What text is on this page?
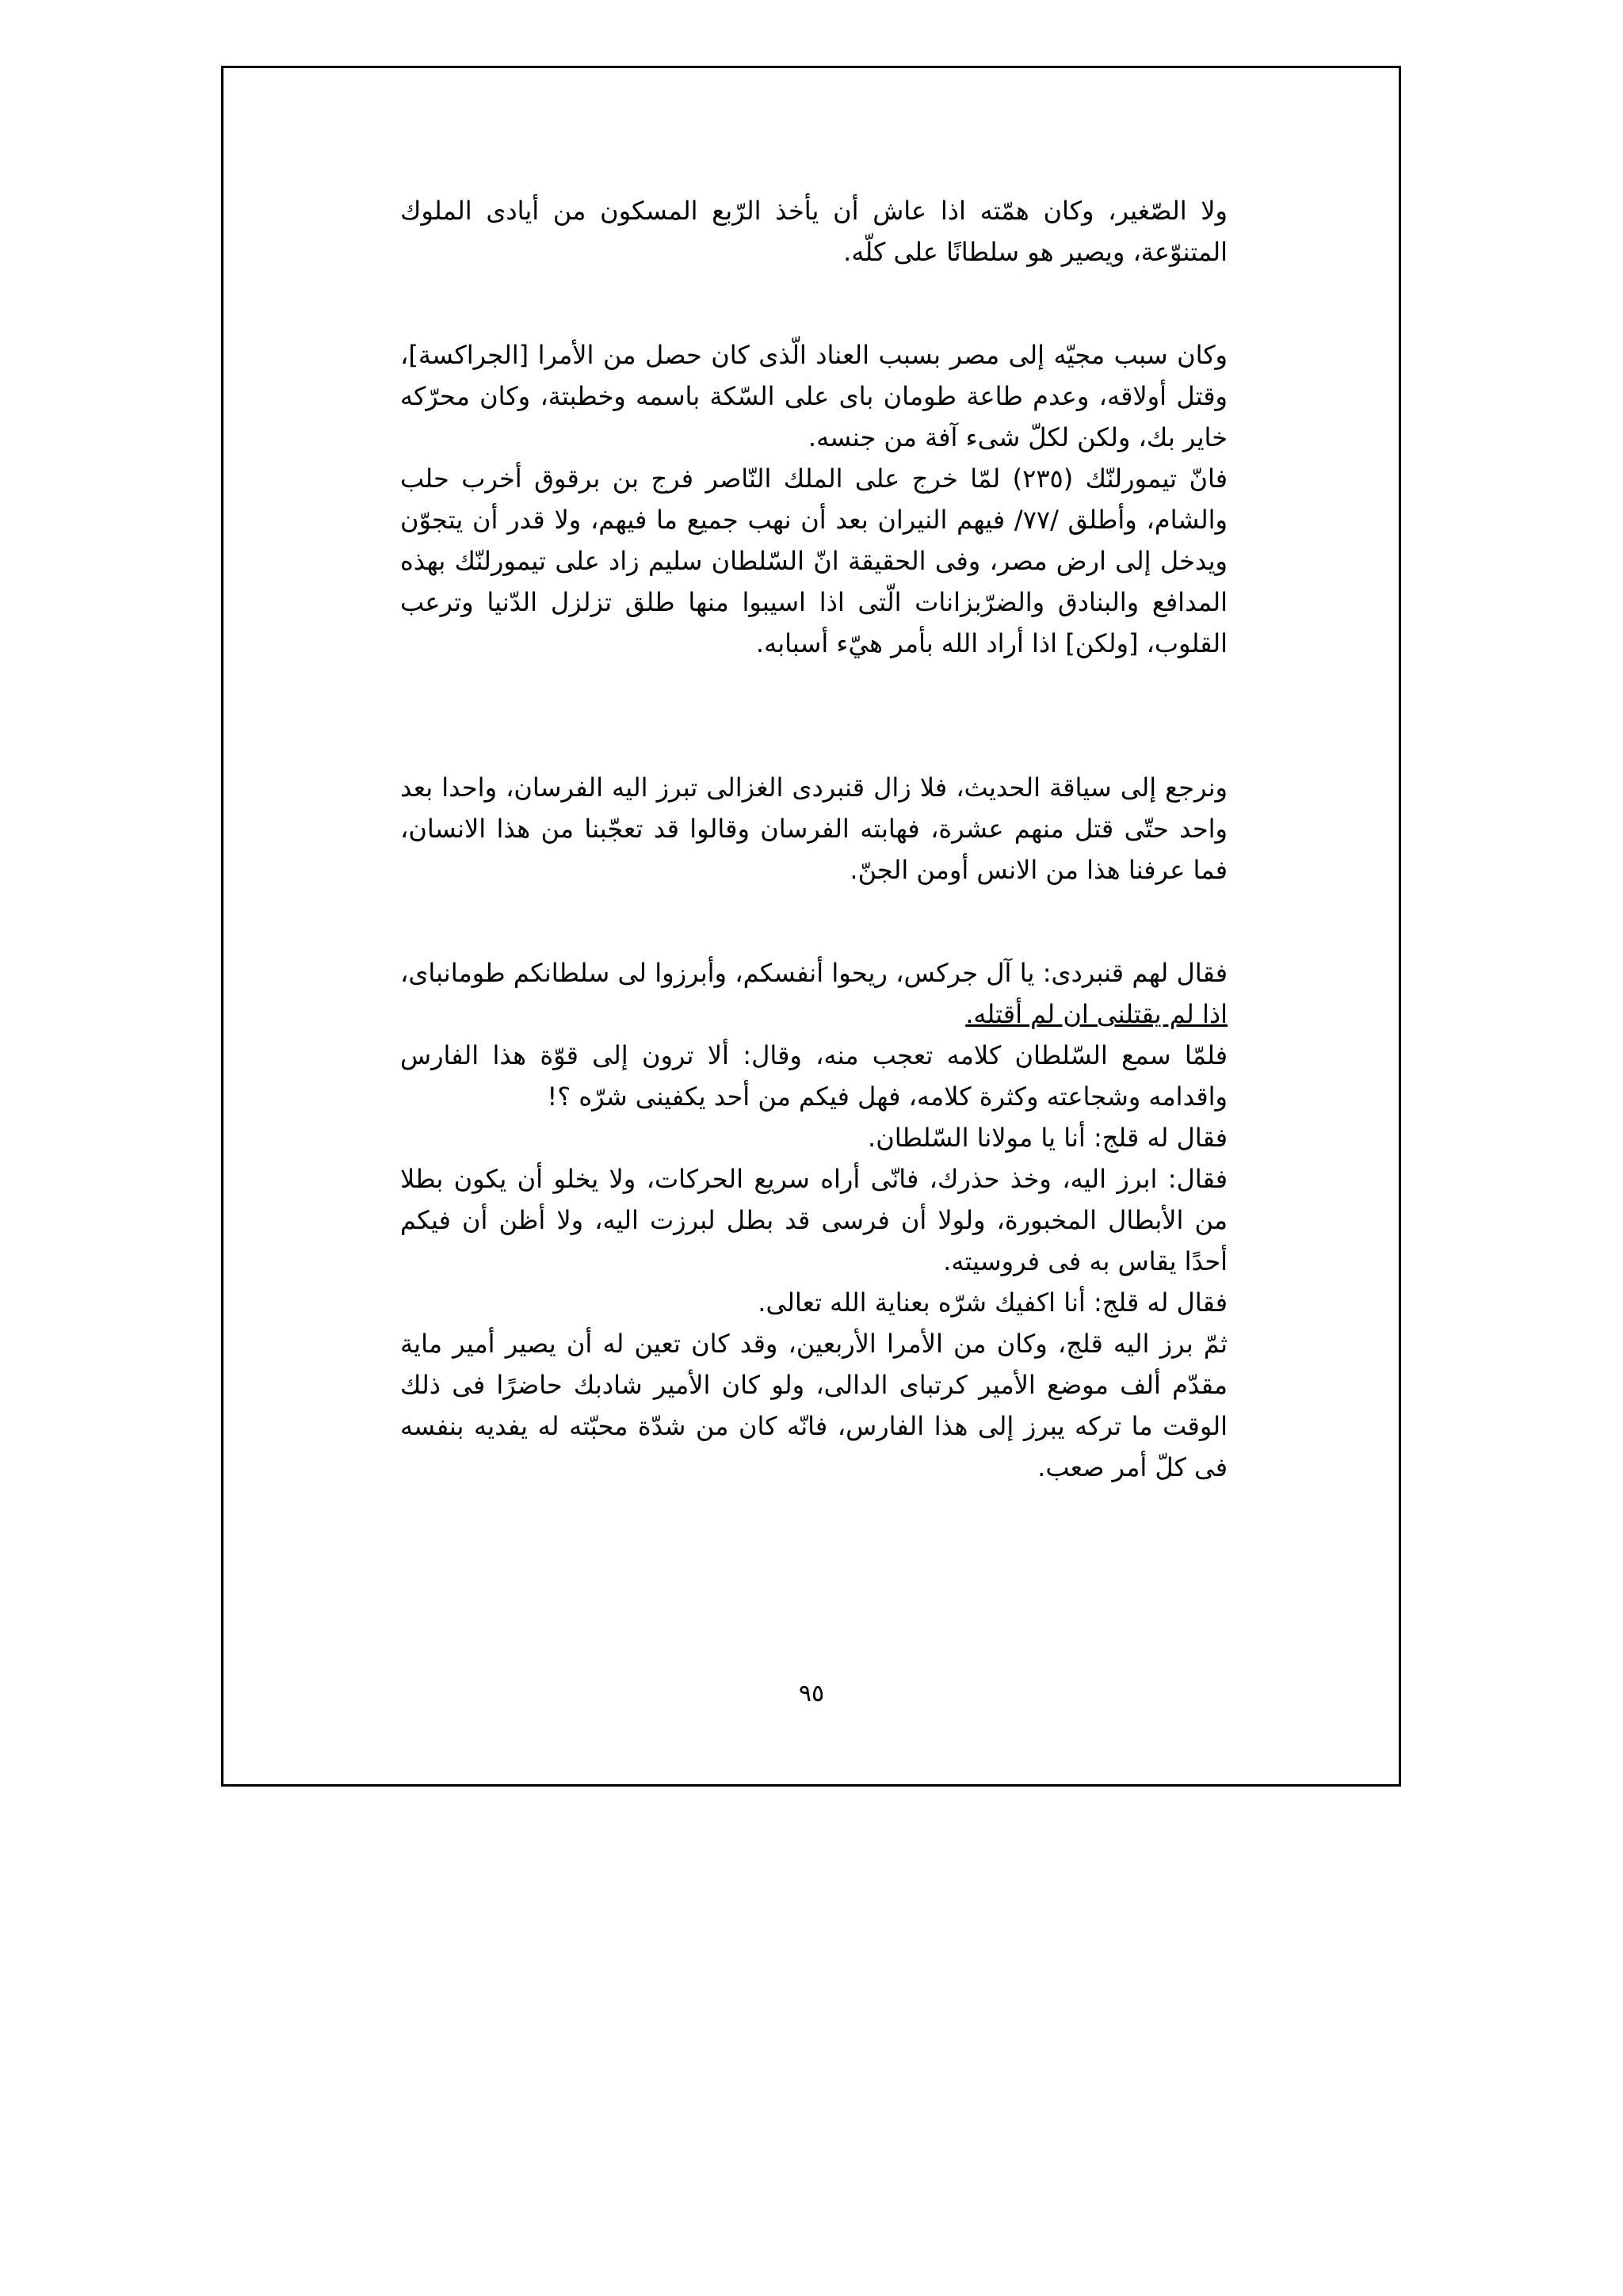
ولا الصّغير، وكان همّته اذا عاش أن يأخذ الرّبع المسكون من أيادى الملوك المتنوّعة، ويصير هو سلطانًا على كلّه.

وكان سبب مجيّه إلى مصر بسبب العناد الّذى كان حصل من الأمرا [الجراكسة]، وقتل أولاقه، وعدم طاعة طومان باى على السّكة باسمه وخطبتة، وكان محرّكه خاير بك، ولكن لكلّ شىء آفة من جنسه.

فانّ تيمورلنّك (٢٣٥) لمّا خرج على الملك النّاصر فرج بن برقوق أخرب حلب والشام، وأطلق /٧٧/ فيهم النيران بعد أن نهب جميع ما فيهم، ولا قدر أن يتجوّن ويدخل إلى ارض مصر، وفى الحقيقة انّ السّلطان سليم زاد على تيمورلنّك بهذه المدافع والبنادق والضرّبزانات الّتى اذا اسيبوا منها طلق تزلزل الدّنيا وترعب القلوب، [ولكن] اذا أراد الله بأمر هيّء أسبابه.

ونرجع إلى سياقة الحديث، فلا زال قنبردى الغزالى تبرز اليه الفرسان، واحدا بعد واحد حتّى قتل منهم عشرة، فهابته الفرسان وقالوا قد تعجّبنا من هذا الانسان، فما عرفنا هذا من الانس أومن الجنّ.

فقال لهم قنبردى: يا آل جركس، ريحوا أنفسكم، وأبرزوا لى سلطانكم طومانباى، اذا لم يقتلنى ان لم أقتله.

فلمّا سمع السّلطان كلامه تعجب منه، وقال: ألا ترون إلى قوّة هذا الفارس واقدامه وشجاعته وكثرة كلامه، فهل فيكم من أحد يكفينى شرّه ؟!

فقال له قلج: أنا يا مولانا السّلطان.

فقال: ابرز اليه، وخذ حذرك، فانّى أراه سريع الحركات، ولا يخلو أن يكون بطلا من الأبطال المخبورة، ولولا أن فرسى قد بطل لبرزت اليه، ولا أظن أن فيكم أحدًا يقاس به فى فروسيته.

فقال له قلج: أنا اكفيك شرّه بعناية الله تعالى.

ثمّ برز اليه قلج، وكان من الأمرا الأربعين، وقد كان تعين له أن يصير أمير ماية مقدّم ألف موضع الأمير كرتباى الدالى، ولو كان الأمير شادبك حاضرًا فى ذلك الوقت ما تركه يبرز إلى هذا الفارس، فانّه كان من شدّة محبّته له يفديه بنفسه فى كلّ أمر صعب.

٩٥
